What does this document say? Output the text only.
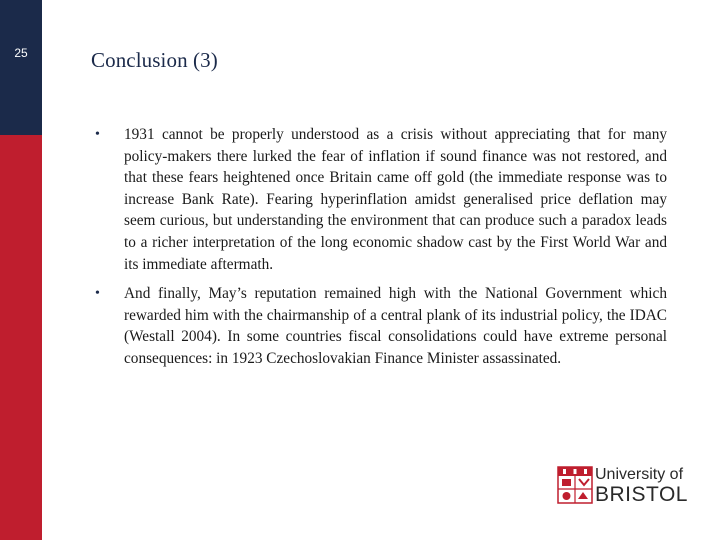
25	Conclusion (3)
•	1931 cannot be properly understood as a crisis without appreciating that for many policy-makers there lurked the fear of inflation if sound finance was not restored, and that these fears heightened once Britain came off gold (the immediate response was to increase Bank Rate). Fearing hyperinflation amidst generalised price deflation may seem curious, but understanding the environment that can produce such a paradox leads to a richer interpretation of the long economic shadow cast by the First World War and its immediate aftermath.
•	And finally, May’s reputation remained high with the National Government which rewarded him with the chairmanship of a central plank of its industrial policy, the IDAC (Westall 2004). In some countries fiscal consolidations could have extreme personal consequences: in 1923 Czechoslovakian Finance Minister assassinated.
University of
BRISTOL
